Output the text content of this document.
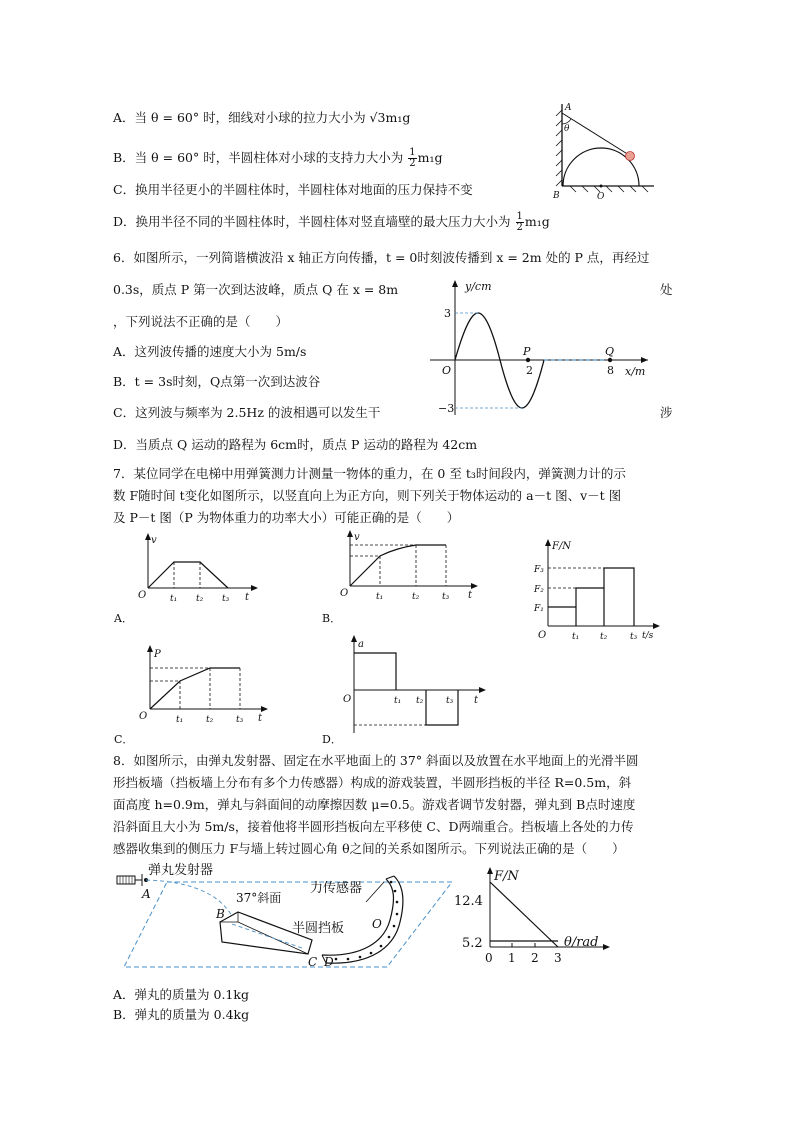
A．当 θ = 60° 时，细线对小球的拉力大小为 √3m₁g
B．当 θ = 60° 时，半圆柱体对小球的支持力大小为 $\frac{1}{2} m_1g$
C．换用半径更小的半圆柱体时，半圆柱体对地面的压力保持不变
D．换用半径不同的半圆柱体时，半圆柱体对竖直墙壁的最大压力大小为 $\frac{1}{2} m_1g$
A
θ
B	O
6．如图所示，一列简谐横波沿 x 轴正方向传播，t = 0时刻波传播到 x = 2m 处的 P 点，再经过
0.3s，质点 P 第一次到达波峰，质点 Q 在 x = 8m	处
，下列说法不正确的是（　　）
A．这列波传播的速度大小为 5m/s
B．t = 3s时刻，Q点第一次到达波谷
C．这列波与频率为 2.5Hz 的波相遇可以发生干	涉
D．当质点 Q 运动的路程为 6cm时，质点 P 运动的路程为 42cm
y/cm
x/m
3
−3
O
P
2
Q
8
7．某位同学在电梯中用弹簧测力计测量一物体的重力，在 0 至 t₃时间段内，弹簧测力计的示
数 F随时间 t变化如图所示，以竖直向上为正方向，则下列关于物体运动的 a－t 图、v－t 图
及 P－t 图（P 为物体重力的功率大小）可能正确的是（　　）
v
O	t₁ t₂ t₃ t
A．
v
O	t₁	t₂	t₃ t
B．
F/N
F₁
F₂
F₃
O	t₁ t₂	t₃ t/s
P
O	t₁	t₂	t₃ t
C．
a
O	t₁ t₂	t₃ t
D．
8．如图所示，由弹丸发射器、固定在水平地面上的 37° 斜面以及放置在水平地面上的光滑半圆
形挡板墙（挡板墙上分布有多个力传感器）构成的游戏装置，半圆形挡板的半径 R=0.5m，斜
面高度 h=0.9m，弹丸与斜面间的动摩擦因数 μ=0.5。游戏者调节发射器，弹丸到 B点时速度
沿斜面且大小为 5m/s，接着他将半圆形挡板向左平移使 C、D两端重合。挡板墙上各处的力传
感器收集到的侧压力 F与墙上转过圆心角 θ之间的关系如图所示。下列说法正确的是（　　）
弹丸发射器
A	37°斜面
B
力传感器
O
半圆挡板
C D
F/N
θ/rad
12.4
5.2
0 1 2 3
A．弹丸的质量为 0.1kg
B．弹丸的质量为 0.4kg
